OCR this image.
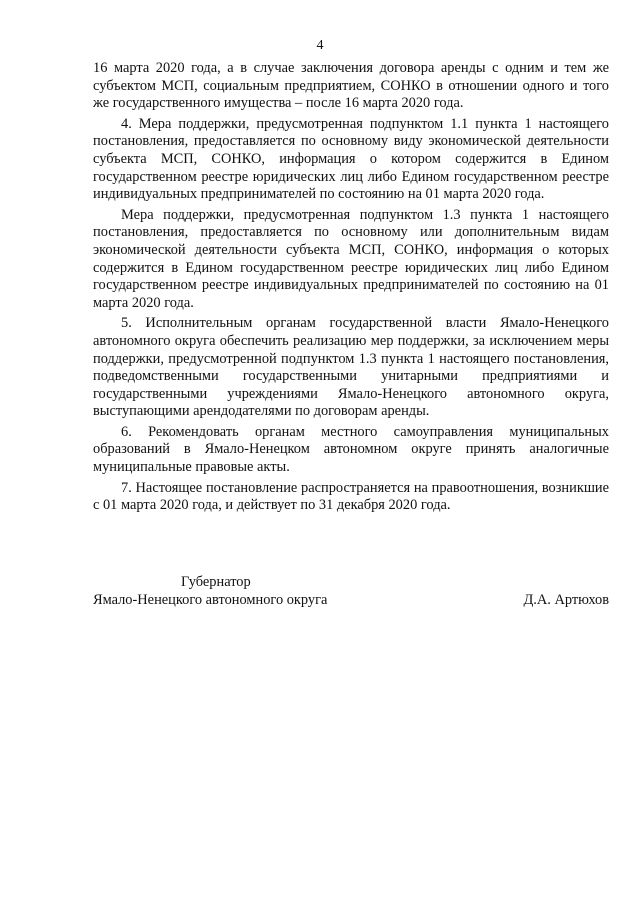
4

16 марта 2020 года, а в случае заключения договора аренды с одним и тем же субъектом МСП, социальным предприятием, СОНКО в отношении одного и того же государственного имущества – после 16 марта 2020 года.

4. Мера поддержки, предусмотренная подпунктом 1.1 пункта 1 настоящего постановления, предоставляется по основному виду экономической деятельности субъекта МСП, СОНКО, информация о котором содержится в Едином государственном реестре юридических лиц либо Едином государственном реестре индивидуальных предпринимателей по состоянию на 01 марта 2020 года.

Мера поддержки, предусмотренная подпунктом 1.3 пункта 1 настоящего постановления, предоставляется по основному или дополнительным видам экономической деятельности субъекта МСП, СОНКО, информация о которых содержится в Едином государственном реестре юридических лиц либо Едином государственном реестре индивидуальных предпринимателей по состоянию на 01 марта 2020 года.

5. Исполнительным органам государственной власти Ямало-Ненецкого автономного округа обеспечить реализацию мер поддержки, за исключением меры поддержки, предусмотренной подпунктом 1.3 пункта 1 настоящего постановления, подведомственными государственными унитарными предприятиями и государственными учреждениями Ямало-Ненецкого автономного округа, выступающими арендодателями по договорам аренды.

6. Рекомендовать органам местного самоуправления муниципальных образований в Ямало-Ненецком автономном округе принять аналогичные муниципальные правовые акты.

7. Настоящее постановление распространяется на правоотношения, возникшие с 01 марта 2020 года, и действует по 31 декабря 2020 года.

Губернатор
Ямало-Ненецкого автономного округа	Д.А. Артюхов
